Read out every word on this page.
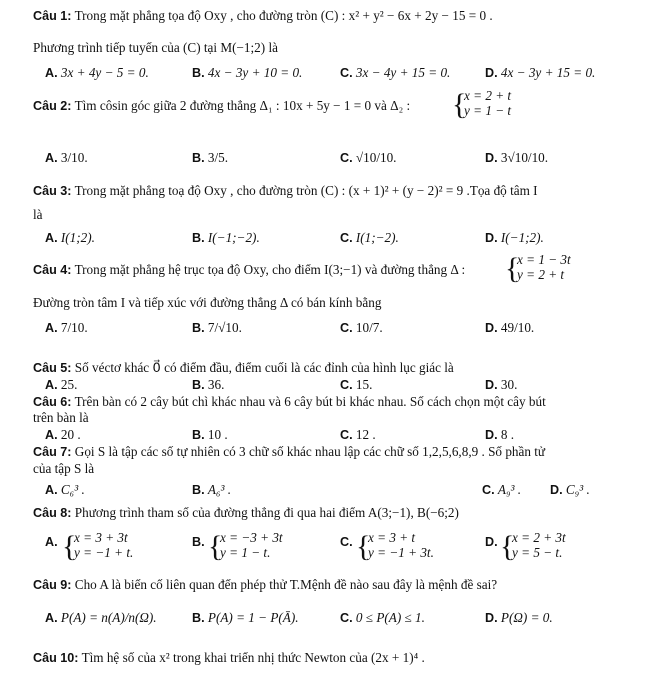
Câu 1: Trong mặt phẳng tọa độ Oxy , cho đường tròn (C) : x² + y² − 6x + 2y − 15 = 0 .
Phương trình tiếp tuyến của (C) tại M(−1;2) là
A. 3x + 4y − 5 = 0.	B. 4x − 3y + 10 = 0.	C. 3x − 4y + 15 = 0.	D. 4x − 3y + 15 = 0.
Câu 2: Tìm côsin góc giữa 2 đường thẳng Δ₁ : 10x + 5y − 1 = 0 và Δ₂ : {
x = 2 + t
y = 1 − t
A. 3/10.	B. 3/5.	C. √10/10.	D. 3√10/10.
Câu 3: Trong mặt phẳng toạ độ Oxy , cho đường tròn (C) : (x + 1)² + (y − 2)² = 9 .Tọa độ tâm I
là
A. I(1;2).	B. I(−1;−2).	C. I(1;−2).	D. I(−1;2).
Câu 4: Trong mặt phẳng hệ trục tọa độ Oxy, cho điểm I(3;−1) và đường thẳng Δ : {
x = 1 − 3t
y = 2 + t
Đường tròn tâm I và tiếp xúc với đường thẳng Δ có bán kính bằng
A. 7/10.	B. 7/√10.	C. 10/7.	D. 49/10.
Câu 5: Số véctơ khác 0⃗ có điểm đầu, điểm cuối là các đỉnh của hình lục giác là
A. 25.	B. 36.	C. 15.	D. 30.
Câu 6: Trên bàn có 2 cây bút chì khác nhau và 6 cây bút bi khác nhau. Số cách chọn một cây bút
trên bàn là
A. 20 .	B. 10 .	C. 12 .	D. 8 .
Câu 7: Gọi S là tập các số tự nhiên có 3 chữ số khác nhau lập các chữ số 1,2,5,6,8,9 . Số phần tử
của tập S là
A. C₆³ .	B. A₆³ .	C. A₉³ . D. C₉³ .
Câu 8: Phương trình tham số của đường thẳng đi qua hai điểm A(3;−1), B(−6;2)
A. {
x = 3 + 3t
y = −1 + t.
B. {
x = −3 + 3t
y = 1 − t.
C. {
x = 3 + t
y = −1 + 3t.
D. {
x = 2 + 3t
y = 5 − t.
Câu 9: Cho A là biến cố liên quan đến phép thử T.Mệnh đề nào sau đây là mệnh đề sai?
A. P(A) = n(A)/n(Ω).	B. P(A) = 1 − P(Ā).	C. 0 ≤ P(A) ≤ 1.	D. P(Ω) = 0.
Câu 10: Tìm hệ số của x² trong khai triển nhị thức Newton của (2x + 1)⁴ .
